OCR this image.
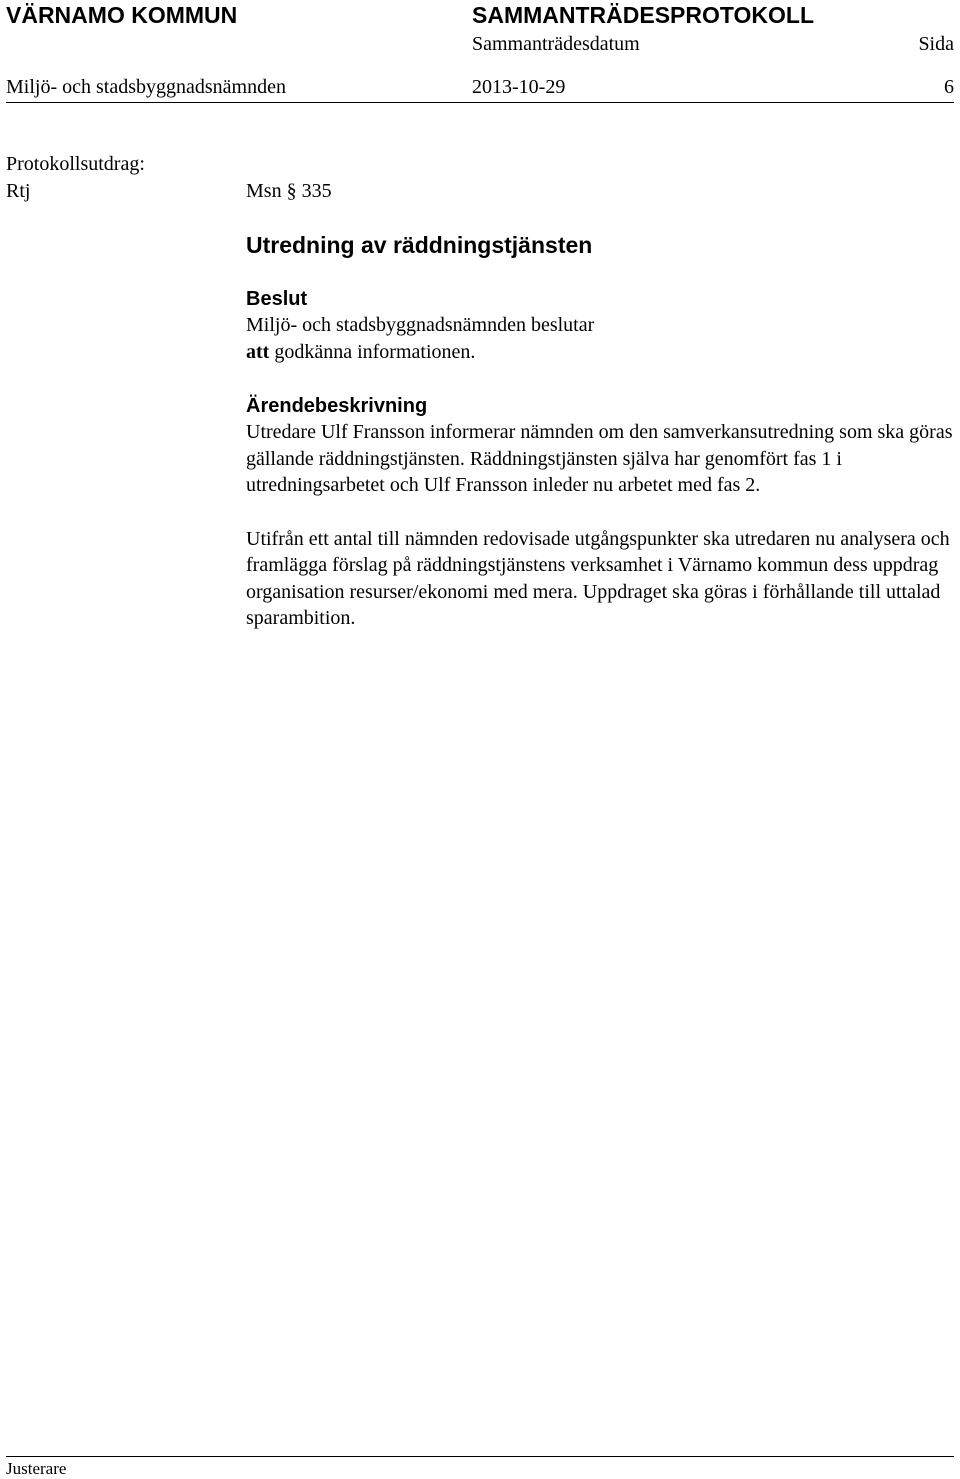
VÄRNAMO KOMMUN	SAMMANTRÄDESPROTOKOLL
Sammanträdesdatum	Sida
Miljö- och stadsbyggnadsnämnden	2013-10-29	6
Protokollsutdrag:
Rtj	Msn § 335
Utredning av räddningstjänsten
Beslut
Miljö- och stadsbyggnadsnämnden beslutar
att godkänna informationen.
Ärendebeskrivning

Utredare Ulf Fransson informerar nämnden om den samverkansutredning som ska göras gällande räddningstjänsten. Räddningstjänsten själva har genomfört fas 1 i utredningsarbetet och Ulf Fransson inleder nu arbetet med fas 2.

Utifrån ett antal till nämnden redovisade utgångspunkter ska utredaren nu analysera och framlägga förslag på räddningstjänstens verksamhet i Värnamo kommun dess uppdrag organisation resurser/ekonomi med mera. Uppdraget ska göras i förhållande till uttalad sparambition.

Justerare
